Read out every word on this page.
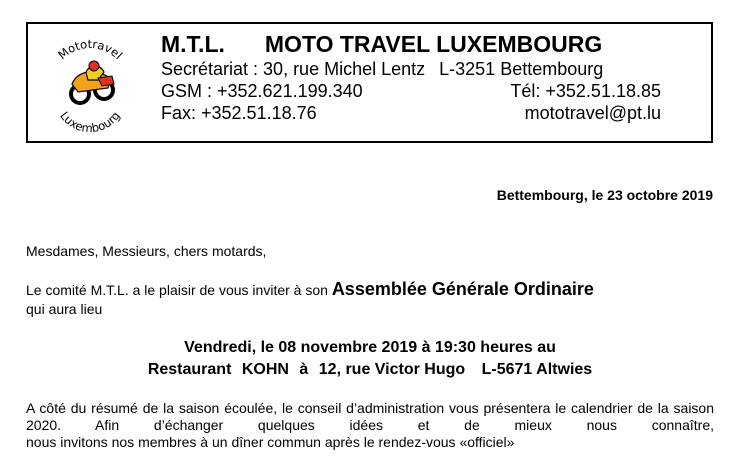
Mototravel
Luxembourg
M.T.L. MOTO TRAVEL LUXEMBOURG
Secrétariat : 30, rue Michel Lentz L-3251 Bettembourg
GSM : +352.621.199.340	Tél: +352.51.18.85
Fax: +352.51.18.76	mototravel@pt.lu
Bettembourg, le 23 octobre 2019
Mesdames, Messieurs, chers motards,
Le comité M.T.L. a le plaisir de vous inviter à son Assemblée Générale Ordinaire
qui aura lieu
Vendredi, le 08 novembre 2019 à 19:30 heures au
Restaurant KOHN à 12, rue Victor Hugo L-5671 Altwies
A côté du résumé de la saison écoulée, le conseil d’administration vous présentera le calendrier de la saison 2020. Afin d’échanger quelques idées et de mieux nous connaître,
nous invitons nos membres à un dîner commun après le rendez-vous «officiel»
